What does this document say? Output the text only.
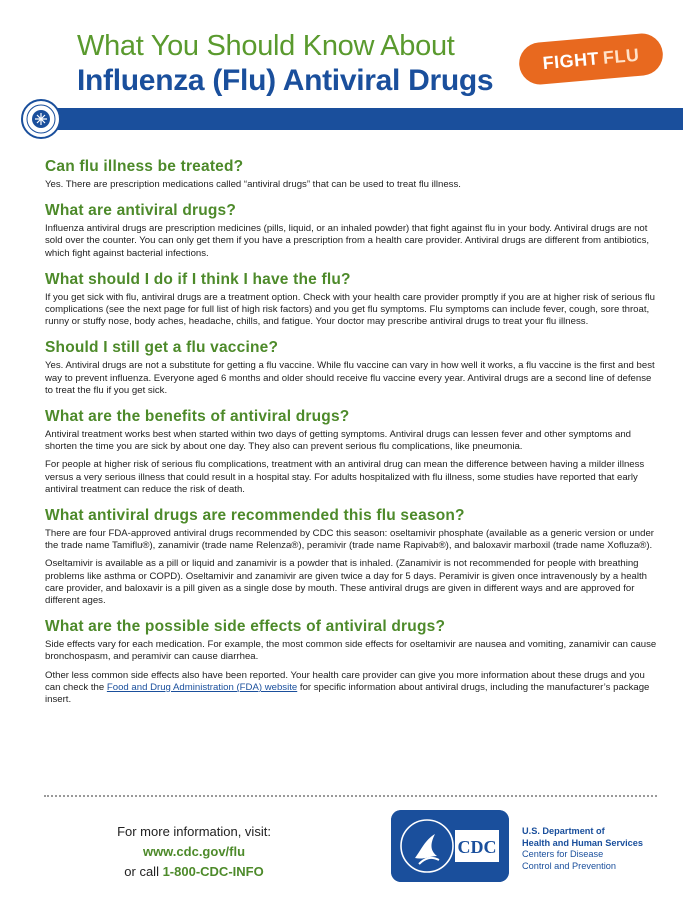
What You Should Know About
Influenza (Flu) Antiviral Drugs
FIGHT FLU
Can flu illness be treated?

Yes. There are prescription medications called “antiviral drugs” that can be used to treat flu illness.

What are antiviral drugs?

Influenza antiviral drugs are prescription medicines (pills, liquid, or an inhaled powder) that fight against flu in your body. Antiviral drugs are not sold over the counter. You can only get them if you have a prescription from a health care provider. Antiviral drugs are different from antibiotics, which fight against bacterial infections.

What should I do if I think I have the flu?

If you get sick with flu, antiviral drugs are a treatment option. Check with your health care provider promptly if you are at higher risk of serious flu complications (see the next page for full list of high risk factors) and you get flu symptoms. Flu symptoms can include fever, cough, sore throat, runny or stuffy nose, body aches, headache, chills, and fatigue. Your doctor may prescribe antiviral drugs to treat your flu illness.

Should I still get a flu vaccine?

Yes. Antiviral drugs are not a substitute for getting a flu vaccine. While flu vaccine can vary in how well it works, a flu vaccine is the first and best way to prevent influenza. Everyone aged 6 months and older should receive flu vaccine every year. Antiviral drugs are a second line of defense to treat the flu if you get sick.

What are the benefits of antiviral drugs?

Antiviral treatment works best when started within two days of getting symptoms. Antiviral drugs can lessen fever and other symptoms and shorten the time you are sick by about one day. They also can prevent serious flu complications, like pneumonia.

For people at higher risk of serious flu complications, treatment with an antiviral drug can mean the difference between having a milder illness versus a very serious illness that could result in a hospital stay. For adults hospitalized with flu illness, some studies have reported that early antiviral treatment can reduce the risk of death.

What antiviral drugs are recommended this flu season?

There are four FDA-approved antiviral drugs recommended by CDC this season: oseltamivir phosphate (available as a generic version or under the trade name Tamiflu®), zanamivir (trade name Relenza®), peramivir (trade name Rapivab®), and baloxavir marboxil (trade name Xofluza®).

Oseltamivir is available as a pill or liquid and zanamivir is a powder that is inhaled. (Zanamivir is not recommended for people with breathing problems like asthma or COPD). Oseltamivir and zanamivir are given twice a day for 5 days. Peramivir is given once intravenously by a health care provider, and baloxavir is a pill given as a single dose by mouth. These antiviral drugs are given in different ways and are approved for different ages.

What are the possible side effects of antiviral drugs?

Side effects vary for each medication. For example, the most common side effects for oseltamivir are nausea and vomiting, zanamivir can cause bronchospasm, and peramivir can cause diarrhea.

Other less common side effects also have been reported. Your health care provider can give you more information about these drugs and you can check the Food and Drug Administration (FDA) website for specific information about antiviral drugs, including the manufacturer’s package insert.

For more information, visit:
www.cdc.gov/flu
or call 1-800-CDC-INFO
CDC
U.S. Department of
Health and Human Services
Centers for Disease
Control and Prevention
